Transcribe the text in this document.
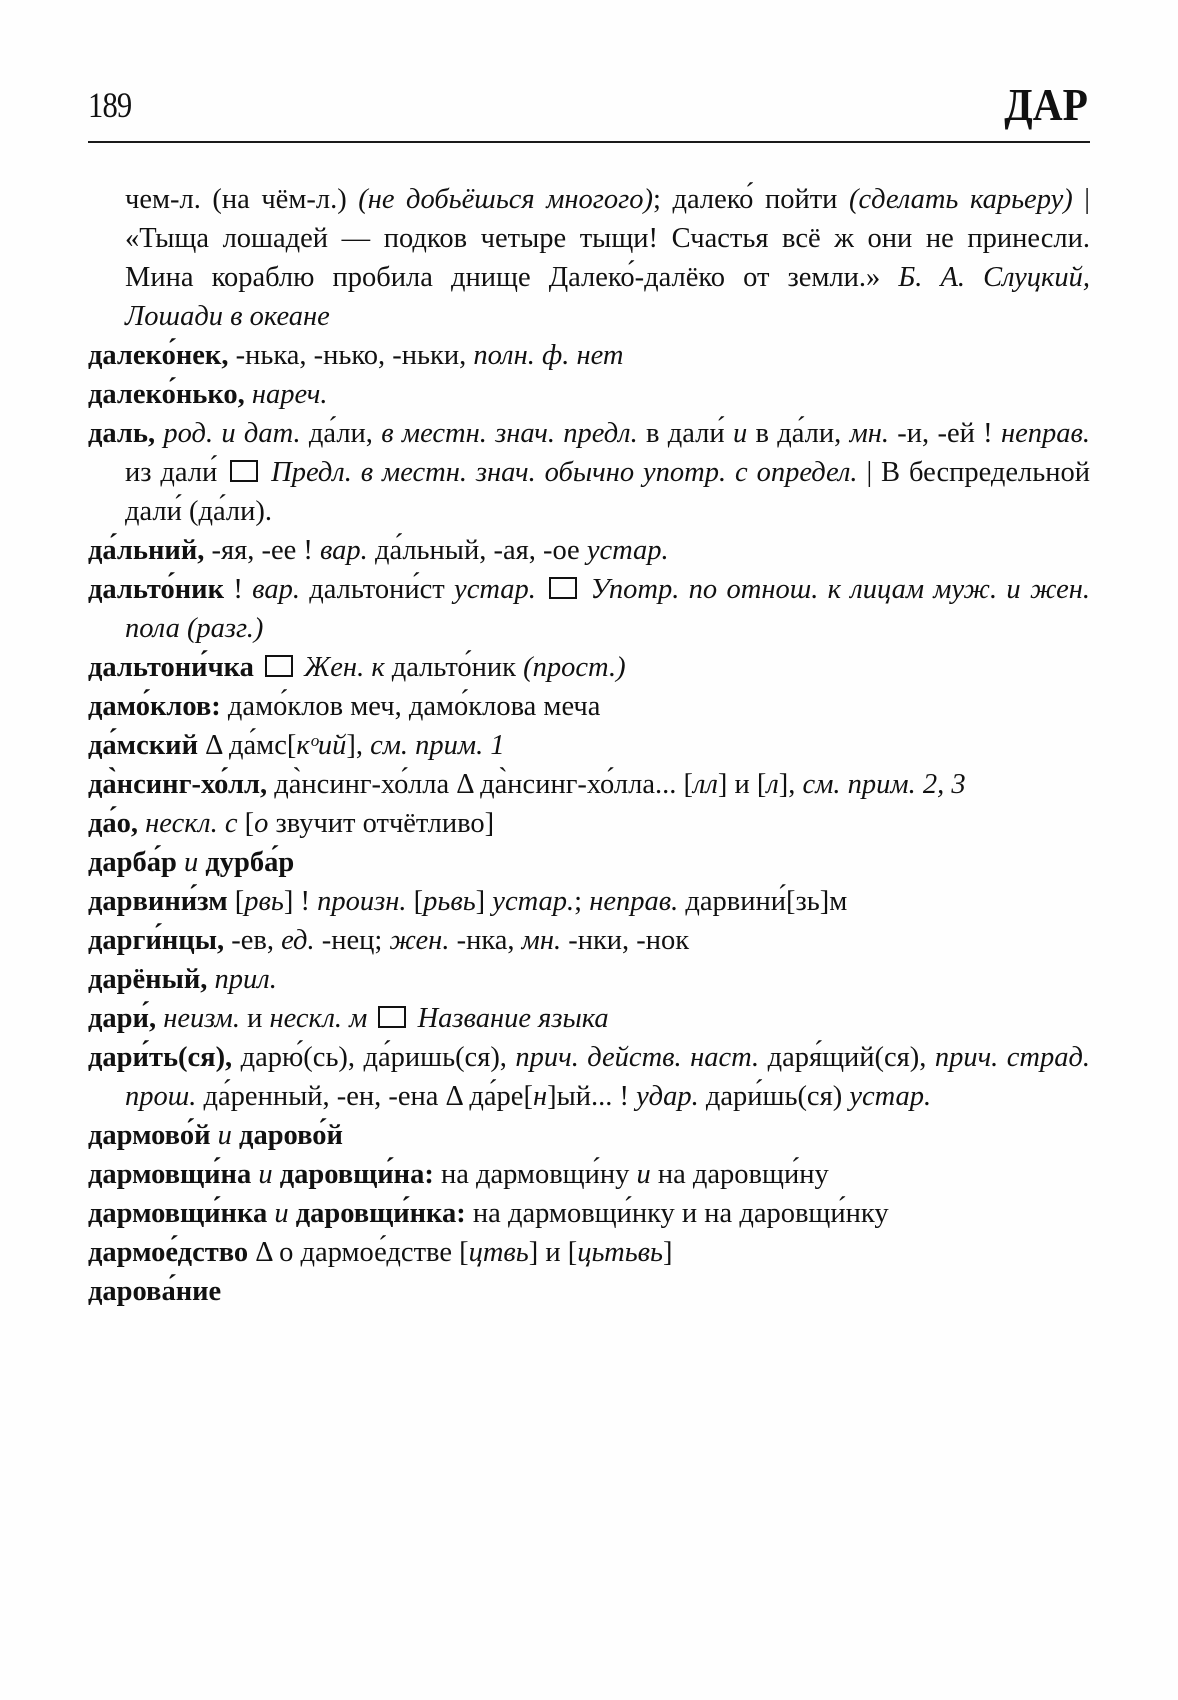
189	ДАР

чем-л. (на чём-л.) (не добьёшься многого); далеко́ пойти (сделать карьеру) | «Тыща лошадей — подков четыре тыщи! Счастья всё ж они не принесли. Мина кораблю пробила днище Далеко́-далёко от земли.» Б. А. Слуцкий, Лошади в океане

далеко́нек, -нька, -нько, -ньки, полн. ф. нет

далеко́нько, нареч.

даль, род. и дат. да́ли, в местн. знач. предл. в дали́ и в да́ли, мн. -и, -ей ! неправ. из дали́  Предл. в местн. знач. обычно употр. с определ. | В беспредельной дали́ (да́ли).

да́льний, -яя, -ее ! вар. да́льный, -ая, -ое устар.

дальто́ник ! вар. дальтони́ст устар.  Употр. по отнош. к лицам муж. и жен. пола (разг.)

дальтони́чка  Жен. к дальто́ник (прост.)

дамо́клов: дамо́клов меч, дамо́клова меча

да́мский Δ да́мс[кᵒий], см. прим. 1

да̀нсинг-хо́лл, да̀нсинг-хо́лла Δ да̀нсинг-хо́лла... [лл] и [л], см. прим. 2, 3

да́о, нескл. с [о звучит отчётливо]

дарба́р и дурба́р

дарвини́зм [рвь] ! произн. [рьвь] устар.; неправ. дарвини́[зь]м

дарги́нцы, -ев, ед. -нец; жен. -нка, мн. -нки, -нок

дарёный, прил.

дари́, неизм. и нескл. м  Название языка

дари́ть(ся), дарю́(сь), да́ришь(ся), прич. действ. наст. даря́щий(ся), прич. страд. прош. да́ренный, -ен, -ена Δ да́ре[н]ый... ! удар. дари́шь(ся) устар.

дармово́й и дарово́й

дармовщи́на и даровщи́на: на дармовщи́ну и на даровщи́ну

дармовщи́нка и даровщи́нка: на дармовщи́нку и на даровщи́нку

дармое́дство Δ о дармое́дстве [цтвь] и [цьтьвь]

дарова́ние
